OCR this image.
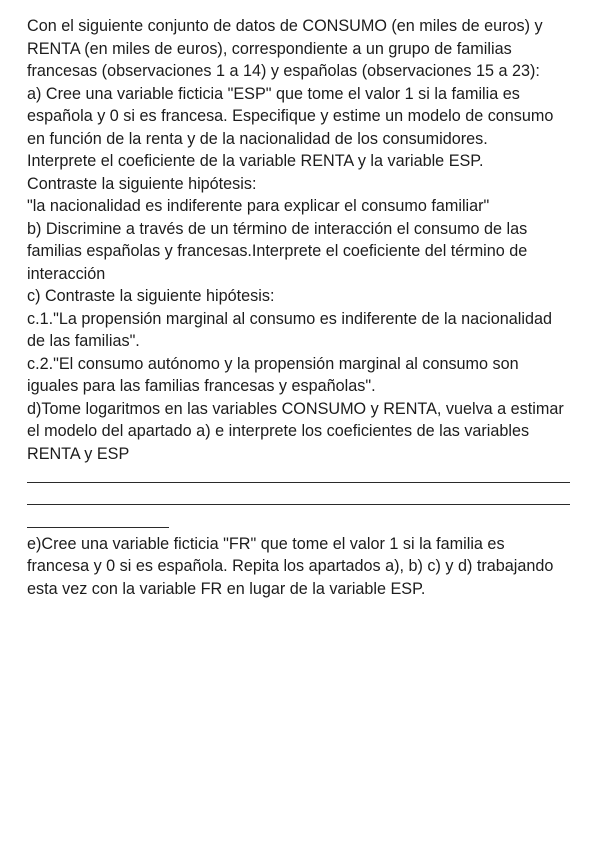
Con el siguiente conjunto de datos de CONSUMO (en miles de euros) y
RENTA (en miles de euros), correspondiente a un grupo de familias
francesas (observaciones 1 a 14) y españolas (observaciones 15 a 23):
a) Cree una variable ficticia "ESP" que tome el valor 1 si la familia es
española y 0 si es francesa. Especifique y estime un modelo de consumo
en función de la renta y de la nacionalidad de los consumidores.
Interprete el coeficiente de la variable RENTA y la variable ESP.
Contraste la siguiente hipótesis:
"la nacionalidad es indiferente para explicar el consumo familiar"
b) Discrimine a través de un término de interacción el consumo de las
familias españolas y francesas.Interprete el coeficiente del término de
interacción
c) Contraste la siguiente hipótesis:
c.1."La propensión marginal al consumo es indiferente de la nacionalidad
de las familias".
c.2."El consumo autónomo y la propensión marginal al consumo son
iguales para las familias francesas y españolas".
d)Tome logaritmos en las variables CONSUMO y RENTA, vuelva a estimar
el modelo del apartado a) e interprete los coeficientes de las variables
RENTA y ESP
e)Cree una variable ficticia "FR" que tome el valor 1 si la familia es
francesa y 0 si es española. Repita los apartados a), b) c) y d) trabajando
esta vez con la variable FR en lugar de la variable ESP.
